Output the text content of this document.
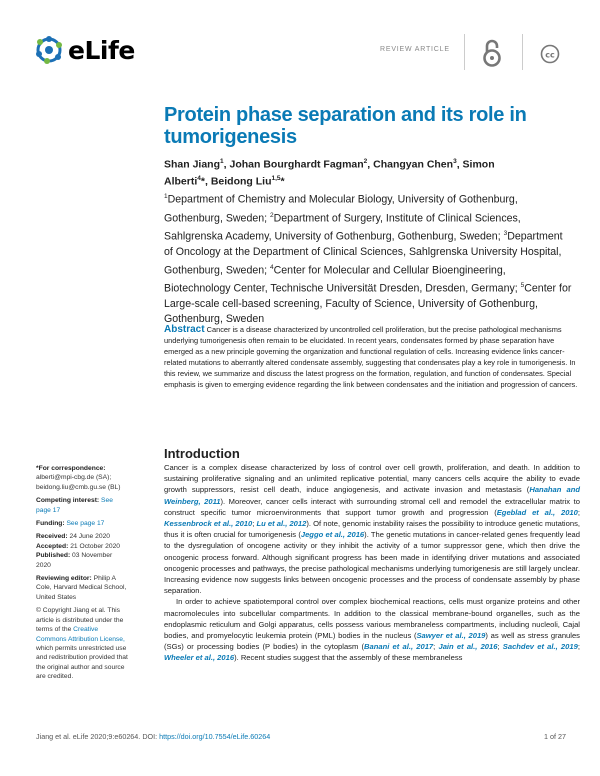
eLife	REVIEW ARTICLE
cc
Protein phase separation and its role in tumorigenesis
Shan Jiang$^1$, Johan Bourghardt Fagman$^2$, Changyan Chen$^3$, Simon Alberti$^4$*, Beidong Liu$^{1,5}$*
$^1$Department of Chemistry and Molecular Biology, University of Gothenburg, Gothenburg, Sweden; $^2$Department of Surgery, Institute of Clinical Sciences, Sahlgrenska Academy, University of Gothenburg, Gothenburg, Sweden; $^3$Department of Oncology at the Department of Clinical Sciences, Sahlgrenska University Hospital, Gothenburg, Sweden; $^4$Center for Molecular and Cellular Bioengineering, Biotechnology Center, Technische Universität Dresden, Dresden, Germany; $^5$Center for Large-scale cell-based screening, Faculty of Science, University of Gothenburg, Gothenburg, Sweden
Abstract Cancer is a disease characterized by uncontrolled cell proliferation, but the precise pathological mechanisms underlying tumorigenesis often remain to be elucidated. In recent years, condensates formed by phase separation have emerged as a new principle governing the organization and functional regulation of cells. Increasing evidence links cancer-related mutations to aberrantly altered condensate assembly, suggesting that condensates play a key role in tumorigenesis. In this review, we summarize and discuss the latest progress on the formation, regulation, and function of condensates. Special emphasis is given to emerging evidence regarding the link between condensates and the initiation and progression of cancers.
*For correspondence:
alberti@mpi-cbg.de (SA);
beidong.liu@cmb.gu.se (BL)
Competing interest: See page 17
Funding: See page 17
Received: 24 June 2020
Accepted: 21 October 2020
Published: 03 November 2020
Reviewing editor: Philip A Cole, Harvard Medical School, United States
© Copyright Jiang et al. This article is distributed under the terms of the Creative Commons Attribution License, which permits unrestricted use and redistribution provided that the original author and source are credited.
Introduction

Cancer is a complex disease characterized by loss of control over cell growth, proliferation, and death. In addition to sustaining proliferative signaling and an unlimited replicative potential, many cancers cells acquire the ability to evade growth suppressors, resist cell death, induce angiogenesis, and activate invasion and metastasis (Hanahan and Weinberg, 2011). Moreover, cancer cells interact with surrounding stromal cell and remodel the extracellular matrix to construct specific tumor microenvironments that support tumor growth and progression (Egeblad et al., 2010; Kessenbrock et al., 2010; Lu et al., 2012). Of note, genomic instability raises the possibility to introduce genetic mutations, thus it is often crucial for tumorigenesis (Jeggo et al., 2016). The genetic mutations in cancer-related genes frequently lead to the dysregulation of oncogene activity or they inhibit the activity of a tumor suppressor gene, which then drive the oncogenic process forward. Although significant progress has been made in identifying driver mutations and associated oncogenic processes and pathways, the precise pathological mechanisms underlying tumorigenesis are still largely unclear. Increasing evidence now suggests links between oncogenic processes and the process of condensate assembly by phase separation.

In order to achieve spatiotemporal control over complex biochemical reactions, cells must organize proteins and other macromolecules into subcellular compartments. In addition to the classical membrane-bound organelles, such as the endoplasmic reticulum and Golgi apparatus, cells possess various membraneless compartments, including nucleoli, Cajal bodies, and promyelocytic leukemia protein (PML) bodies in the nucleus (Sawyer et al., 2019) as well as stress granules (SGs) or processing bodies (P bodies) in the cytoplasm (Banani et al., 2017; Jain et al., 2016; Sachdev et al., 2019; Wheeler et al., 2016). Recent studies suggest that the assembly of these membraneless

Jiang et al. eLife 2020;9:e60264. DOI: https://doi.org/10.7554/eLife.60264	1 of 27
